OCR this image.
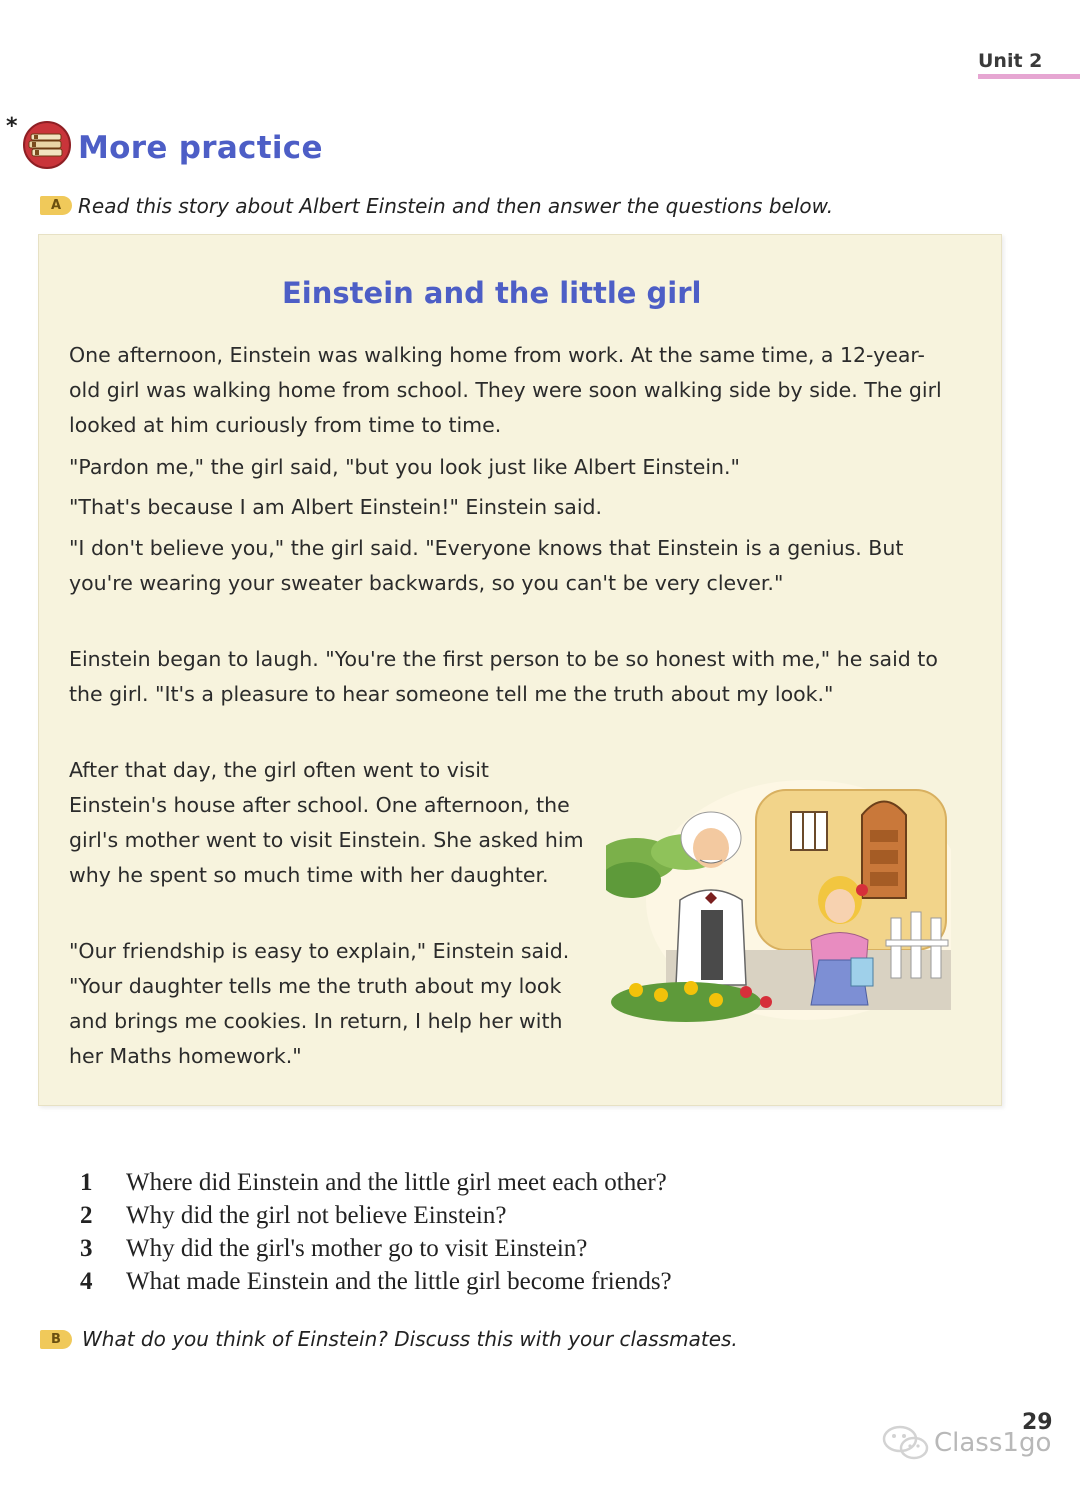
Unit 2
*
More practice
A Read this story about Albert Einstein and then answer the questions below.
Einstein and the little girl

One afternoon, Einstein was walking home from work. At the same time, a 12-year-old girl was walking home from school. They were soon walking side by side. The girl looked at him curiously from time to time.

"Pardon me," the girl said, "but you look just like Albert Einstein."

"That's because I am Albert Einstein!" Einstein said.

"I don't believe you," the girl said. "Everyone knows that Einstein is a genius. But you're wearing your sweater backwards, so you can't be very clever."

Einstein began to laugh. "You're the first person to be so honest with me," he said to the girl. "It's a pleasure to hear someone tell me the truth about my look."

After that day, the girl often went to visit Einstein's house after school. One afternoon, the girl's mother went to visit Einstein. She asked him why he spent so much time with her daughter.

"Our friendship is easy to explain," Einstein said. "Your daughter tells me the truth about my look and brings me cookies. In return, I help her with her Maths homework."

1 Where did Einstein and the little girl meet each other?
2 Why did the girl not believe Einstein?
3 Why did the girl's mother go to visit Einstein?
4 What made Einstein and the little girl become friends?
B	What do you think of Einstein? Discuss this with your classmates.
29
Class1go
